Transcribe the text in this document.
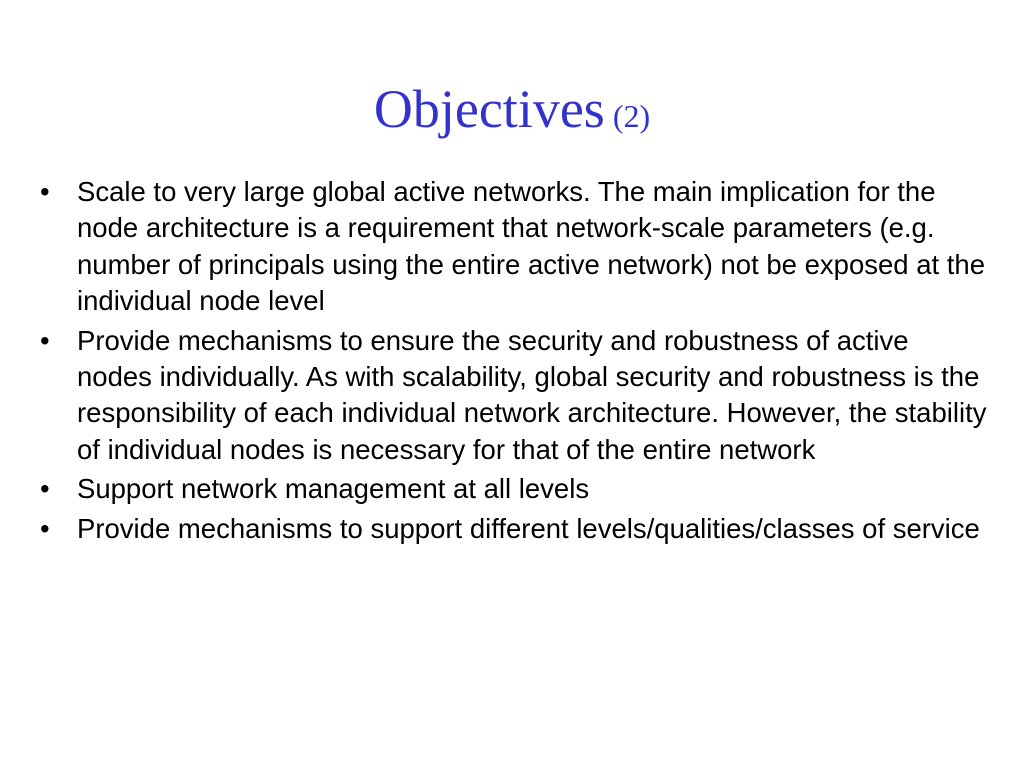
Objectives (2)
• Scale to very large global active networks. The main implication for the node architecture is a requirement that network-scale parameters (e.g. number of principals using the entire active network) not be exposed at the individual node level
• Provide mechanisms to ensure the security and robustness of active nodes individually. As with scalability, global security and robustness is the responsibility of each individual network architecture. However, the stability of individual nodes is necessary for that of the entire network
• Support network management at all levels
• Provide mechanisms to support different levels/qualities/classes of service
